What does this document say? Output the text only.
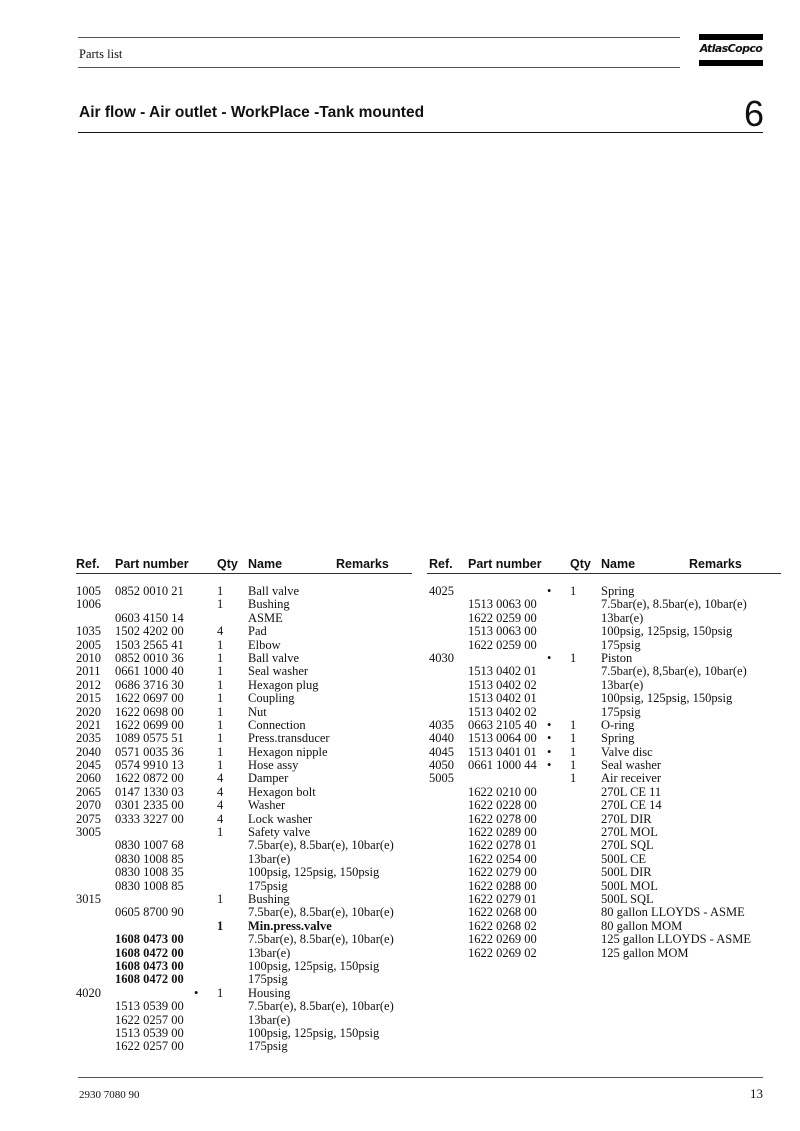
Parts list	AtlasCopco
Air flow - Air outlet - WorkPlace -Tank mounted	6
Ref. Part number Qty Name	Remarks
1005 0852 0010 21	1 Ball valve
1006	1 Bushing
0603 4150 14	ASME
1035 1502 4202 00	4 Pad
2005 1503 2565 41	1 Elbow
2010 0852 0010 36	1 Ball valve
2011 0661 1000 40	1 Seal washer
2012 0686 3716 30	1 Hexagon plug
2015 1622 0697 00	1 Coupling
2020 1622 0698 00	1 Nut
2021 1622 0699 00	1 Connection
2035 1089 0575 51	1 Press.transducer
2040 0571 0035 36	1 Hexagon nipple
2045 0574 9910 13	1 Hose assy
2060 1622 0872 00	4 Damper
2065 0147 1330 03	4 Hexagon bolt
2070 0301 2335 00	4 Washer
2075 0333 3227 00	4 Lock washer
3005	1 Safety valve
0830 1007 68	7.5bar(e), 8.5bar(e), 10bar(e)
0830 1008 85	13bar(e)
0830 1008 35	100psig, 125psig, 150psig
0830 1008 85	175psig
3015	1 Bushing
0605 8700 90	7.5bar(e), 8.5bar(e), 10bar(e)
1 Min.press.valve
1608 0473 00	7.5bar(e), 8.5bar(e), 10bar(e)
1608 0472 00	13bar(e)
1608 0473 00	100psig, 125psig, 150psig
1608 0472 00	175psig
4020	• 1 Housing
1513 0539 00	7.5bar(e), 8.5bar(e), 10bar(e)
1622 0257 00	13bar(e)
1513 0539 00	100psig, 125psig, 150psig
1622 0257 00	175psig
Ref. Part number Qty Name	Remarks
4025	• 1 Spring
1513 0063 00	7.5bar(e), 8.5bar(e), 10bar(e)
1622 0259 00	13bar(e)
1513 0063 00	100psig, 125psig, 150psig
1622 0259 00	175psig
4030	• 1 Piston
1513 0402 01	7.5bar(e), 8,5bar(e), 10bar(e)
1513 0402 02	13bar(e)
1513 0402 01	100psig, 125psig, 150psig
1513 0402 02	175psig
4035 0663 2105 40 • 1 O-ring
4040 1513 0064 00 • 1 Spring
4045 1513 0401 01 • 1 Valve disc
4050 0661 1000 44 • 1 Seal washer
5005	1 Air receiver
1622 0210 00	270L CE 11
1622 0228 00	270L CE 14
1622 0278 00	270L DIR
1622 0289 00	270L MOL
1622 0278 01	270L SQL
1622 0254 00	500L CE
1622 0279 00	500L DIR
1622 0288 00	500L MOL
1622 0279 01	500L SQL
1622 0268 00	80 gallon LLOYDS - ASME
1622 0268 02	80 gallon MOM
1622 0269 00	125 gallon LLOYDS - ASME
1622 0269 02	125 gallon MOM
2930 7080 90	13
